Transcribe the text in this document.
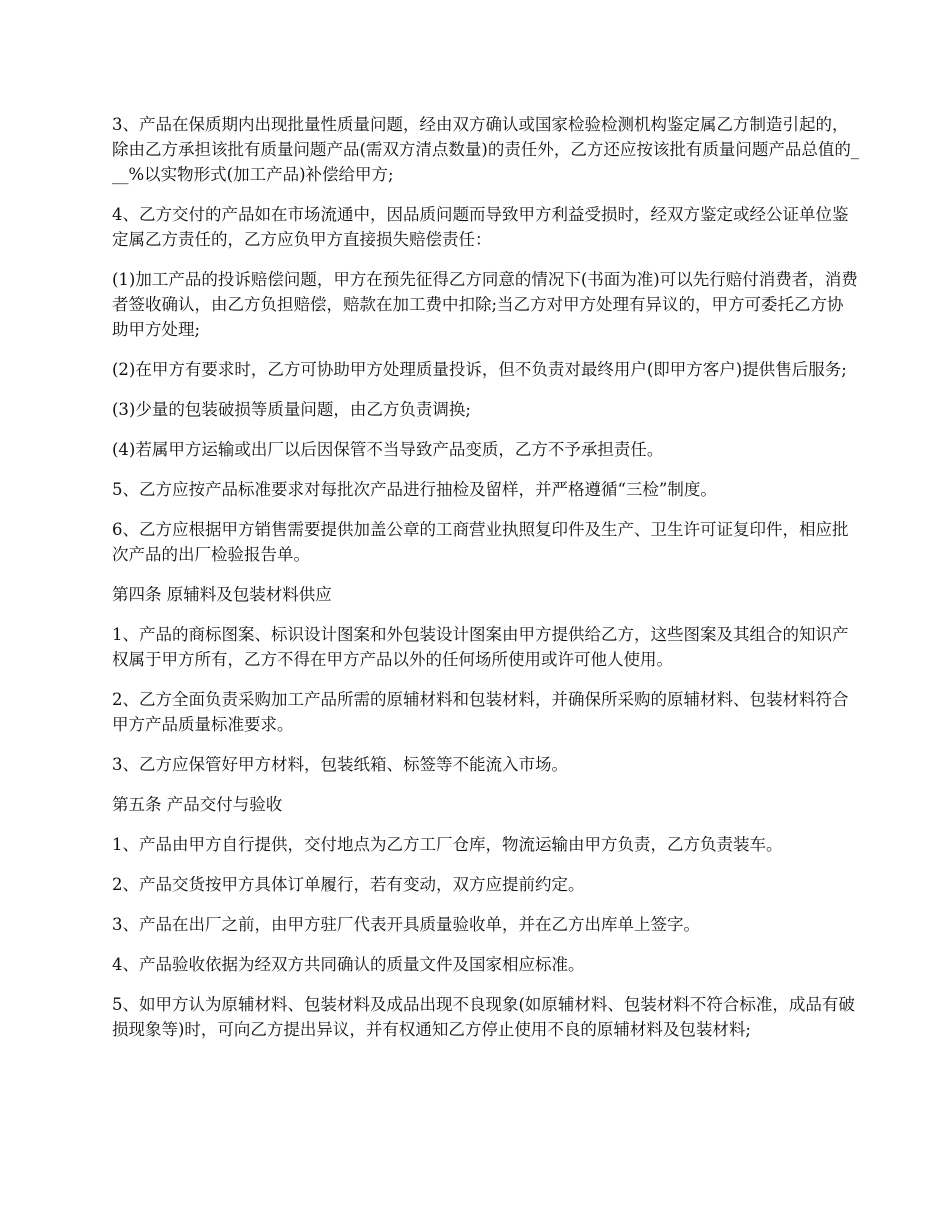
3、产品在保质期内出现批量性质量问题，经由双方确认或国家检验检测机构鉴定属乙方制造引起的，除由乙方承担该批有质量问题产品(需双方清点数量)的责任外，乙方还应按该批有质量问题产品总值的___%以实物形式(加工产品)补偿给甲方;

4、乙方交付的产品如在市场流通中，因品质问题而导致甲方利益受损时，经双方鉴定或经公证单位鉴定属乙方责任的，乙方应负甲方直接损失赔偿责任：

(1)加工产品的投诉赔偿问题，甲方在预先征得乙方同意的情况下(书面为准)可以先行赔付消费者，消费者签收确认，由乙方负担赔偿，赔款在加工费中扣除;当乙方对甲方处理有异议的，甲方可委托乙方协助甲方处理;

(2)在甲方有要求时，乙方可协助甲方处理质量投诉，但不负责对最终用户(即甲方客户)提供售后服务;

(3)少量的包装破损等质量问题，由乙方负责调换;

(4)若属甲方运输或出厂以后因保管不当导致产品变质，乙方不予承担责任。

5、乙方应按产品标准要求对每批次产品进行抽检及留样，并严格遵循“三检”制度。

6、乙方应根据甲方销售需要提供加盖公章的工商营业执照复印件及生产、卫生许可证复印件，相应批次产品的出厂检验报告单。

第四条 原辅料及包装材料供应

1、产品的商标图案、标识设计图案和外包装设计图案由甲方提供给乙方，这些图案及其组合的知识产权属于甲方所有，乙方不得在甲方产品以外的任何场所使用或许可他人使用。

2、乙方全面负责采购加工产品所需的原辅材料和包装材料，并确保所采购的原辅材料、包装材料符合甲方产品质量标准要求。

3、乙方应保管好甲方材料，包装纸箱、标签等不能流入市场。

第五条 产品交付与验收

1、产品由甲方自行提供，交付地点为乙方工厂仓库，物流运输由甲方负责，乙方负责装车。

2、产品交货按甲方具体订单履行，若有变动，双方应提前约定。

3、产品在出厂之前，由甲方驻厂代表开具质量验收单，并在乙方出库单上签字。

4、产品验收依据为经双方共同确认的质量文件及国家相应标准。

5、如甲方认为原辅材料、包装材料及成品出现不良现象(如原辅材料、包装材料不符合标准，成品有破损现象等)时，可向乙方提出异议，并有权通知乙方停止使用不良的原辅材料及包装材料;
